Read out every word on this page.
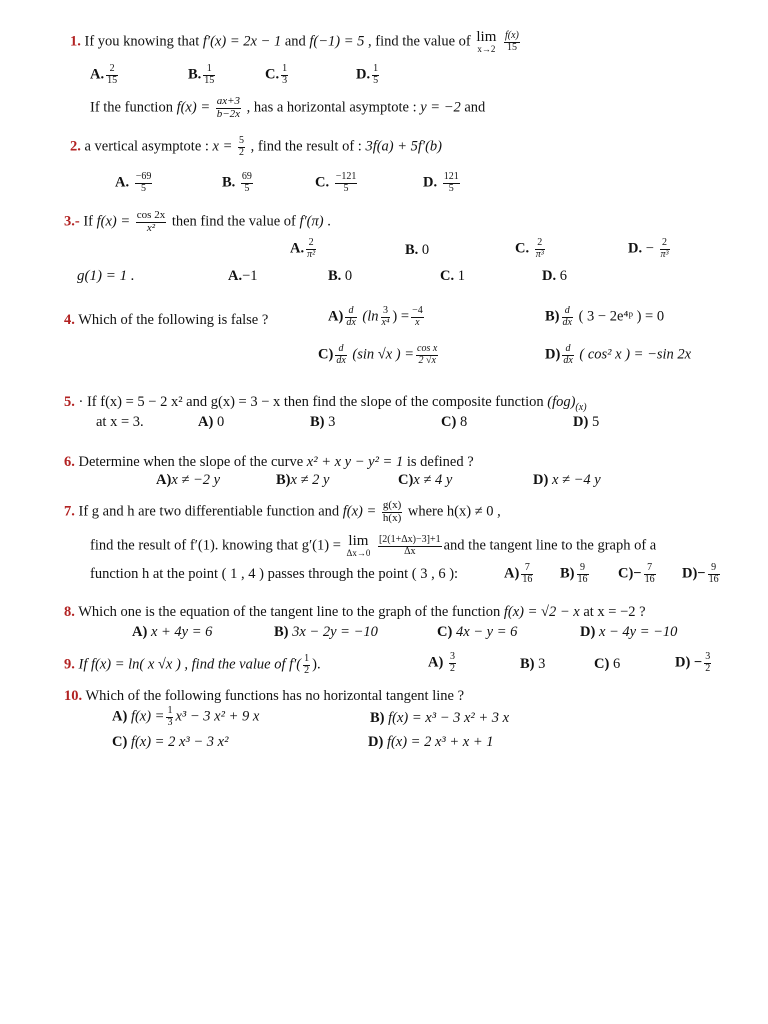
1. If you knowing that f′(x) = 2x − 1 and f(−1) = 5 , find the value of lim
x→2
$\frac{f(x)}{15}$
A. $\frac{2}{15}$	B. $\frac{1}{15}$	C. $\frac{1}{3}$	D. $\frac{1}{5}$
If the function $f(x) = \frac{ax+3}{b-2x}$ , has a horizontal asymptote : y = −2 and
2. a vertical asymptote : $x = \frac{5}{2}$ , find the result of : 3f(a) + 5f′(b)
A. $\frac{-69}{5}$	B. $\frac{69}{5}$	C. $\frac{-121}{5}$	D. $\frac{121}{5}$
3.- If $f(x) = \frac{\cos 2x}{\text{x²}}$ then find the value of f′(π) .
A. $\frac{2}{\text{π²}}$	B. 0	C. $\frac{2}{\text{π³}}$	D. − $\frac{2}{\text{π³}}$
g(1) = 1 .	A.−1	B. 0	C. 1	D. 6
4. Which of the following is false ?	$A) \frac{d}{dx} (\ln \frac{3}{\text{x⁴}}$ ) = $\frac{-4}{x}$	$B) \frac{d}{dx}$ ( 3 − 2e⁴ᵖ ) = 0
$C) \frac{d}{dx} (\sin$ √x ) = $\frac{\text{cos x}}{2 √x}$	$D) \frac{d}{dx}$ ( cos² x ) = −sin 2x
5. · If f(x) = 5 − 2 x² and g(x) = 3 − x then find the slope of the composite function $(fog)_{(x)}$
at x = 3.	A) 0	B) 3	C) 8	D) 5
6. Determine when the slope of the curve x² + x y − y² = 1 is defined ?
A)x ≠ −2 y	B)x ≠ 2 y	C)x ≠ 4 y	D) x ≠ −4 y
7. If g and h are two differentiable function and $f(x) = \frac{g(x)}{h(x)}$ where h(x) ≠ 0 ,
find the result of f′(1). knowing that g′(1) = lim
Δx→0
$\frac{[2(1+\Delta x)-3]+1}{\Delta x}$ and the tangent line to the graph of a
function h at the point ( 1 , 4 ) passes through the point ( 3 , 6 ):	$A) \frac{7}{16} B) \frac{9}{16} C)- \frac{7}{16} D)- \frac{9}{16}$
8. Which one is the equation of the tangent line to the graph of the function f(x) = √2 − x at x = −2 ?
A) x + 4y = 6	B) 3x − 2y = −10	C) 4x − y = 6	D) x − 4y = −10
9. If f(x) = ln( x √x ) , find the value of $f'( \frac{1}{2}$ ).	$A) \frac{3}{2}$	B) 3	C) 6	$D) - \frac{3}{2}$
10. Which of the following functions has no horizontal tangent line ?
A) $f(x) = \frac{1}{3} x^3 - 3$ x² + 9 x	B) f(x) = x³ − 3 x² + 3 x
C) f(x) = 2 x³ − 3 x²	D) f(x) = 2 x³ + x + 1
